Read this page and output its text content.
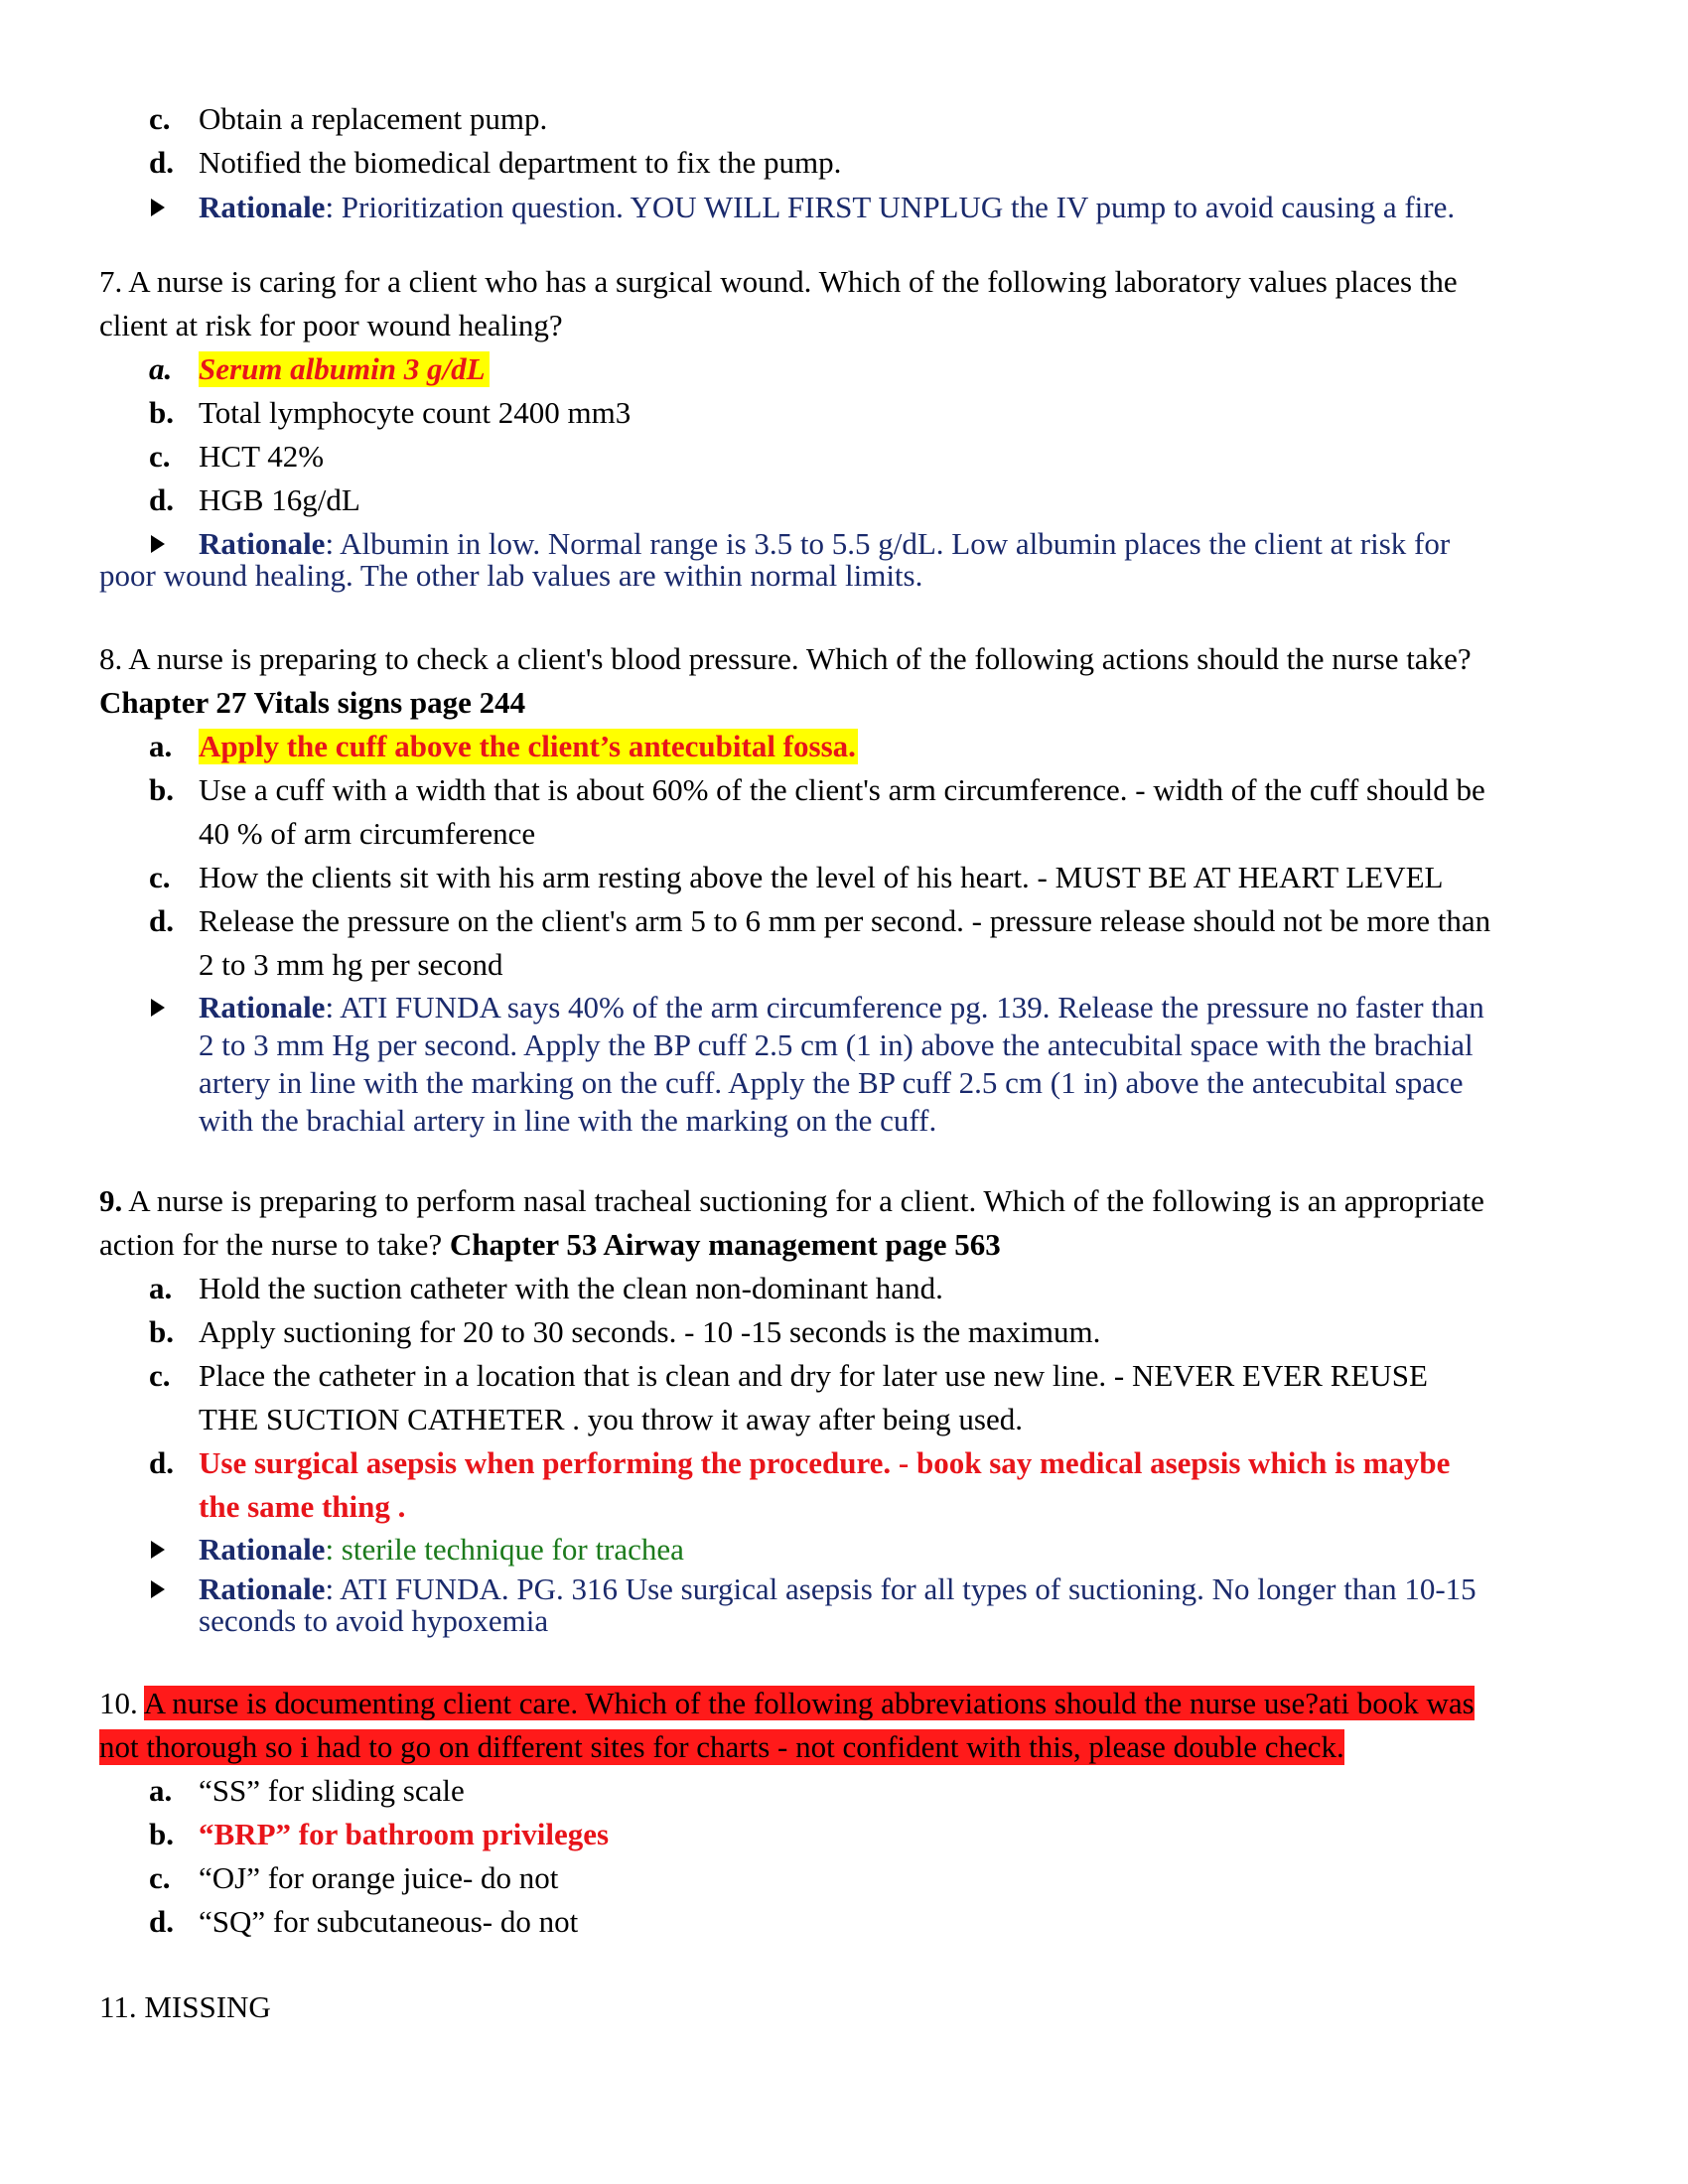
c. Obtain a replacement pump.
d. Notified the biomedical department to fix the pump.
Rationale: Prioritization question. YOU WILL FIRST UNPLUG the IV pump to avoid causing a fire.
7. A nurse is caring for a client who has a surgical wound. Which of the following laboratory values places the
client at risk for poor wound healing?
a. Serum albumin 3 g/dL
b. Total lymphocyte count 2400 mm3
c. HCT 42%
d. HGB 16g/dL
Rationale: Albumin in low. Normal range is 3.5 to 5.5 g/dL. Low albumin places the client at risk for
poor wound healing. The other lab values are within normal limits.
8. A nurse is preparing to check a client's blood pressure. Which of the following actions should the nurse take?
Chapter 27 Vitals signs page 244
a. Apply the cuff above the client’s antecubital fossa.
b. Use a cuff with a width that is about 60% of the client's arm circumference. - width of the cuff should be
40 % of arm circumference
c. How the clients sit with his arm resting above the level of his heart. - MUST BE AT HEART LEVEL
d. Release the pressure on the client's arm 5 to 6 mm per second. - pressure release should not be more than
2 to 3 mm hg per second
Rationale: ATI FUNDA says 40% of the arm circumference pg. 139. Release the pressure no faster than
2 to 3 mm Hg per second. Apply the BP cuff 2.5 cm (1 in) above the antecubital space with the brachial
artery in line with the marking on the cuff. Apply the BP cuff 2.5 cm (1 in) above the antecubital space
with the brachial artery in line with the marking on the cuff.
9. A nurse is preparing to perform nasal tracheal suctioning for a client. Which of the following is an appropriate
action for the nurse to take? Chapter 53 Airway management page 563
a. Hold the suction catheter with the clean non-dominant hand.
b. Apply suctioning for 20 to 30 seconds. - 10 -15 seconds is the maximum.
c. Place the catheter in a location that is clean and dry for later use new line. - NEVER EVER REUSE
THE SUCTION CATHETER . you throw it away after being used.
d. Use surgical asepsis when performing the procedure. - book say medical asepsis which is maybe
the same thing .
Rationale: sterile technique for trachea
Rationale: ATI FUNDA. PG. 316 Use surgical asepsis for all types of suctioning. No longer than 10-15
seconds to avoid hypoxemia
10. A nurse is documenting client care. Which of the following abbreviations should the nurse use?ati book was
not thorough so i had to go on different sites for charts - not confident with this, please double check.
a. “SS” for sliding scale
b. “BRP” for bathroom privileges
c. “OJ” for orange juice- do not
d. “SQ” for subcutaneous- do not
11. MISSING
